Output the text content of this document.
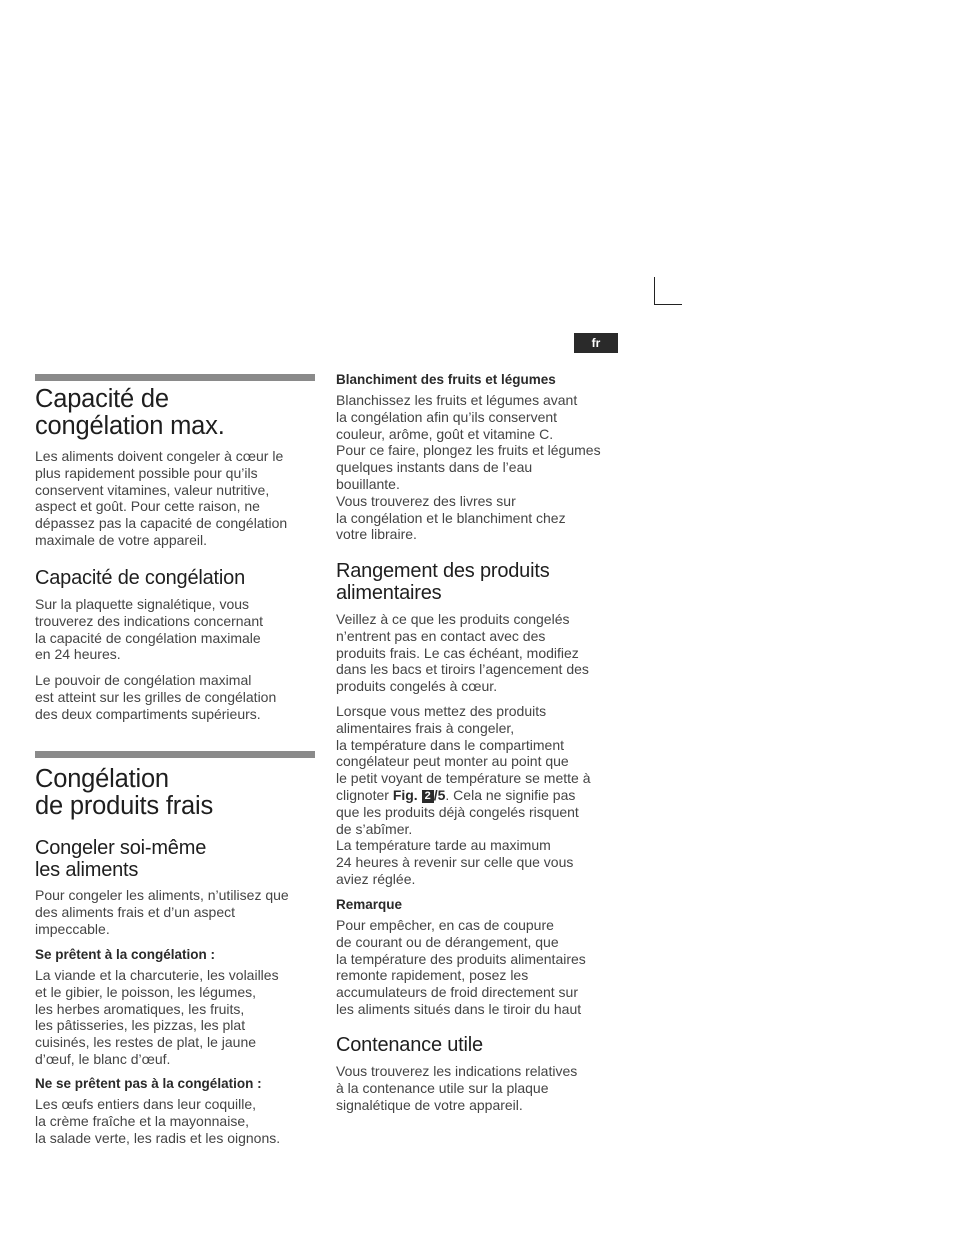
fr
Capacité de
congélation max.
Les aliments doivent congeler à cœur le
plus rapidement possible pour qu’ils
conservent vitamines, valeur nutritive,
aspect et goût. Pour cette raison, ne
dépassez pas la capacité de congélation
maximale de votre appareil.

Capacité de congélation
Sur la plaquette signalétique, vous
trouverez des indications concernant
la capacité de congélation maximale
en 24 heures.

Le pouvoir de congélation maximal
est atteint sur les grilles de congélation
des deux compartiments supérieurs.

Congélation
de produits frais
Congeler soi-même
les aliments
Pour congeler les aliments, n’utilisez que
des aliments frais et d’un aspect
impeccable.

Se prêtent à la congélation :
La viande et la charcuterie, les volailles
et le gibier, le poisson, les légumes,
les herbes aromatiques, les fruits,
les pâtisseries, les pizzas, les plat
cuisinés, les restes de plat, le jaune
d’œuf, le blanc d’œuf.

Ne se prêtent pas à la congélation :
Les œufs entiers dans leur coquille,
la crème fraîche et la mayonnaise,
la salade verte, les radis et les oignons.

Blanchiment des fruits et légumes
Blanchissez les fruits et légumes avant
la congélation afin qu’ils conservent
couleur, arôme, goût et vitamine C.
Pour ce faire, plongez les fruits et légumes
quelques instants dans de l’eau
bouillante.
Vous trouverez des livres sur
la congélation et le blanchiment chez
votre libraire.

Rangement des produits
alimentaires
Veillez à ce que les produits congelés
n’entrent pas en contact avec des
produits frais. Le cas échéant, modifiez
dans les bacs et tiroirs l’agencement des
produits congelés à cœur.

Lorsque vous mettez des produits
alimentaires frais à congeler,
la température dans le compartiment
congélateur peut monter au point que
le petit voyant de température se mette à
clignoter Fig. 2 /5. Cela ne signifie pas
que les produits déjà congelés risquent
de s’abîmer.
La température tarde au maximum
24 heures à revenir sur celle que vous
aviez réglée.

Remarque
Pour empêcher, en cas de coupure
de courant ou de dérangement, que
la température des produits alimentaires
remonte rapidement, posez les
accumulateurs de froid directement sur
les aliments situés dans le tiroir du haut

Contenance utile
Vous trouverez les indications relatives
à la contenance utile sur la plaque
signalétique de votre appareil.
